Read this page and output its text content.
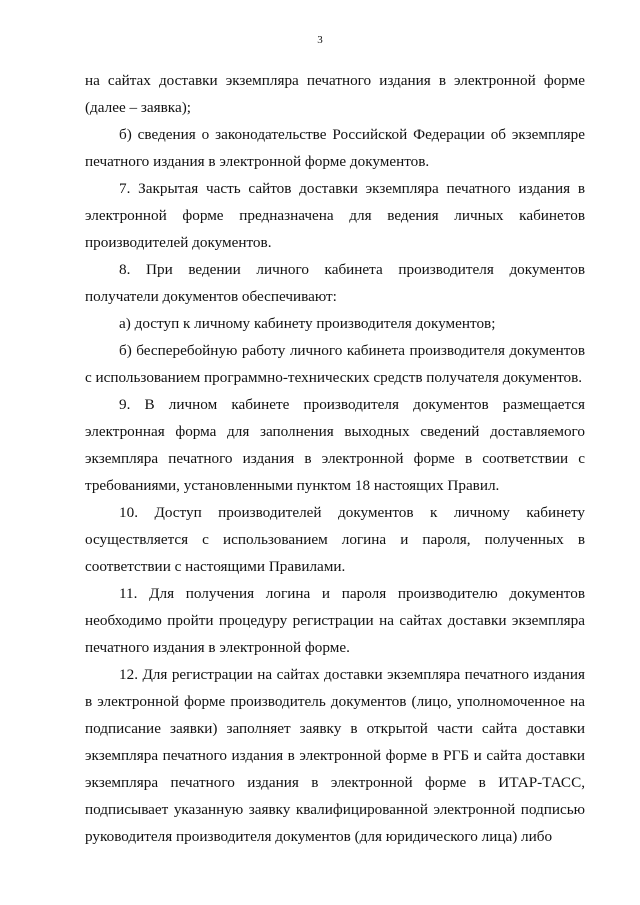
3

на сайтах доставки экземпляра печатного издания в электронной форме (далее – заявка);

б) сведения о законодательстве Российской Федерации об экземпляре печатного издания в электронной форме документов.

7. Закрытая часть сайтов доставки экземпляра печатного издания в электронной форме предназначена для ведения личных кабинетов производителей документов.

8. При ведении личного кабинета производителя документов получатели документов обеспечивают:

а) доступ к личному кабинету производителя документов;

б) бесперебойную работу личного кабинета производителя документов с использованием программно-технических средств получателя документов.

9. В личном кабинете производителя документов размещается электронная форма для заполнения выходных сведений доставляемого экземпляра печатного издания в электронной форме в соответствии с требованиями, установленными пунктом 18 настоящих Правил.

10. Доступ производителей документов к личному кабинету осуществляется с использованием логина и пароля, полученных в соответствии с настоящими Правилами.

11. Для получения логина и пароля производителю документов необходимо пройти процедуру регистрации на сайтах доставки экземпляра печатного издания в электронной форме.

12. Для регистрации на сайтах доставки экземпляра печатного издания в электронной форме производитель документов (лицо, уполномоченное на подписание заявки) заполняет заявку в открытой части сайта доставки экземпляра печатного издания в электронной форме в РГБ и сайта доставки экземпляра печатного издания в электронной форме в ИТАР-ТАСС, подписывает указанную заявку квалифицированной электронной подписью руководителя производителя документов (для юридического лица) либо
